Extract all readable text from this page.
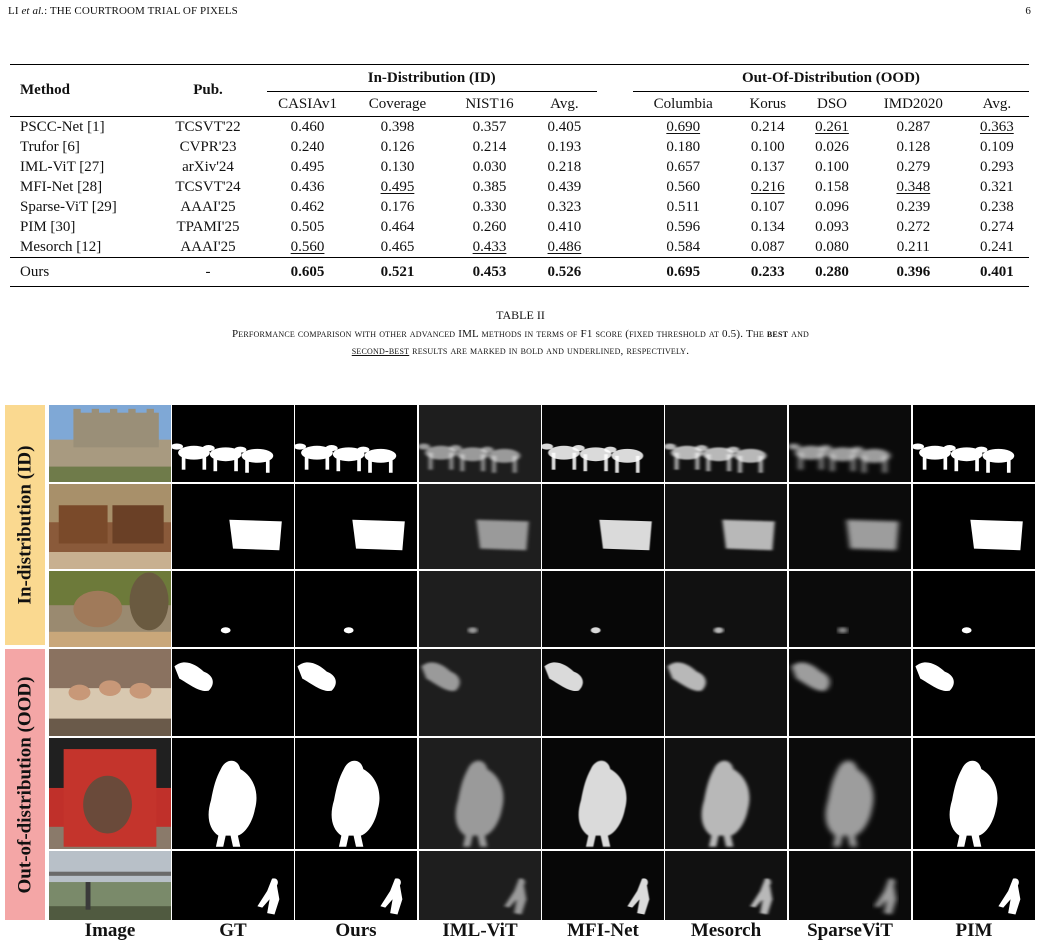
LI et al.: THE COURTROOM TRIAL OF PIXELS	6
Method	Pub.	In-Distribution (ID)					Out-Of-Distribution (OOD)				
		CASIAv1	Coverage	NIST16	Avg.		Columbia	Korus	DSO	IMD2020	Avg.
PSCC-Net [1]	TCSVT'22	0.460	0.398	0.357	0.405		0.690	0.214	0.261	0.287	0.363
Trufor [6]	CVPR'23	0.240	0.126	0.214	0.193		0.180	0.100	0.026	0.128	0.109
IML-ViT [27]	arXiv'24	0.495	0.130	0.030	0.218		0.657	0.137	0.100	0.279	0.293
MFI-Net [28]	TCSVT'24	0.436	0.495	0.385	0.439		0.560	0.216	0.158	0.348	0.321
Sparse-ViT [29]	AAAI'25	0.462	0.176	0.330	0.323		0.511	0.107	0.096	0.239	0.238
PIM [30]	TPAMI'25	0.505	0.464	0.260	0.410		0.596	0.134	0.093	0.272	0.274
Mesorch [12]	AAAI'25	0.560	0.465	0.433	0.486		0.584	0.087	0.080	0.211	0.241
Ours	-	0.605	0.521	0.453	0.526		0.695	0.233	0.280	0.396	0.401
TABLE II
Performance comparison with other advanced IML methods in terms of F1 score (fixed threshold at 0.5). The best and
second-best results are marked in bold and underlined, respectively.
In-distribution (ID)
Out-of-distribution (OOD)
Image	GT	Ours	IML-ViT	MFI-Net	Mesorch	SparseViT	PIM
